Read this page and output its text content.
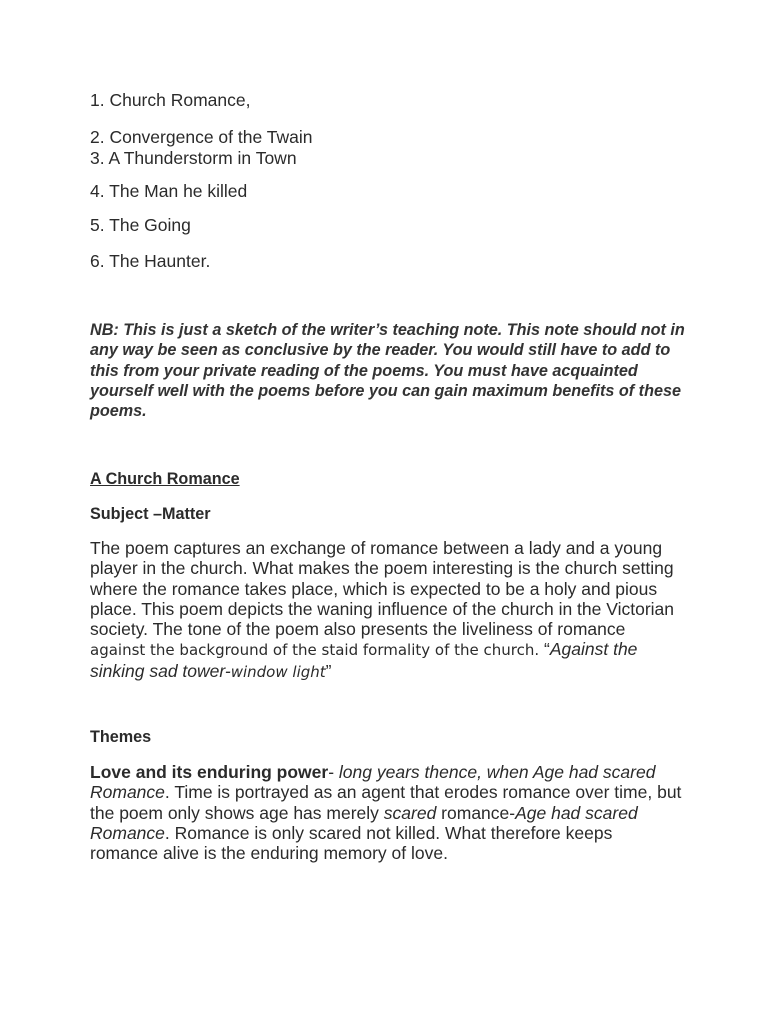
1. Church Romance,

2. Convergence of the Twain

3. A Thunderstorm in Town

4. The Man he killed

5. The Going

6. The Haunter.

NB: This is just a sketch of the writer’s teaching note. This note should not in any way be seen as conclusive by the reader. You would still have to add to this from your private reading of the poems. You must have acquainted yourself well with the poems before you can gain maximum benefits of these poems.

A Church Romance

Subject –Matter

The poem captures an exchange of romance between a lady and a young player in the church. What makes the poem interesting is the church setting where the romance takes place, which is expected to be a holy and pious place. This poem depicts the waning influence of the church in the Victorian society. The tone of the poem also presents the liveliness of romance
against the background of the staid formality of the church. “Against the sinking sad tower-window light”

Themes

Love and its enduring power- long years thence, when Age had scared Romance. Time is portrayed as an agent that erodes romance over time, but the poem only shows age has merely scared romance-Age had scared Romance. Romance is only scared not killed. What therefore keeps romance alive is the enduring memory of love.
